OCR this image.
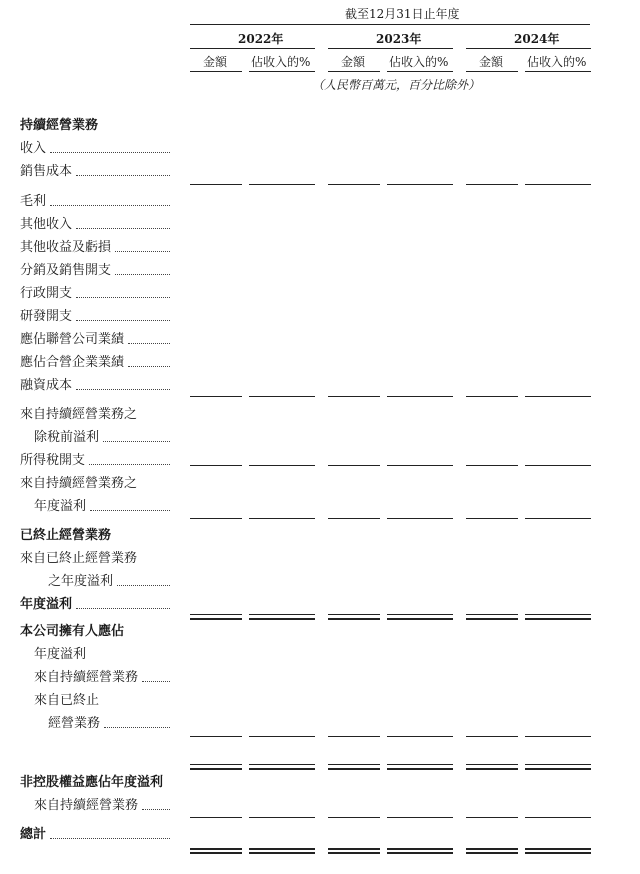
截至12月31日止年度
2022年	2023年	2024年
金額 佔收入的%	金額 佔收入的%	金額 佔收入的%
（人民幣百萬元，百分比除外）
持續經營業務
收入
銷售成本
毛利
其他收入
其他收益及虧損
分銷及銷售開支
行政開支
研發開支
應佔聯營公司業績
應佔合營企業業績
融資成本
來自持續經營業務之
除稅前溢利
所得稅開支
來自持續經營業務之
年度溢利
已終止經營業務
來自已終止經營業務
之年度溢利
年度溢利
本公司擁有人應佔
年度溢利
來自持續經營業務
來自已終止
經營業務
非控股權益應佔年度溢利
來自持續經營業務
總計
